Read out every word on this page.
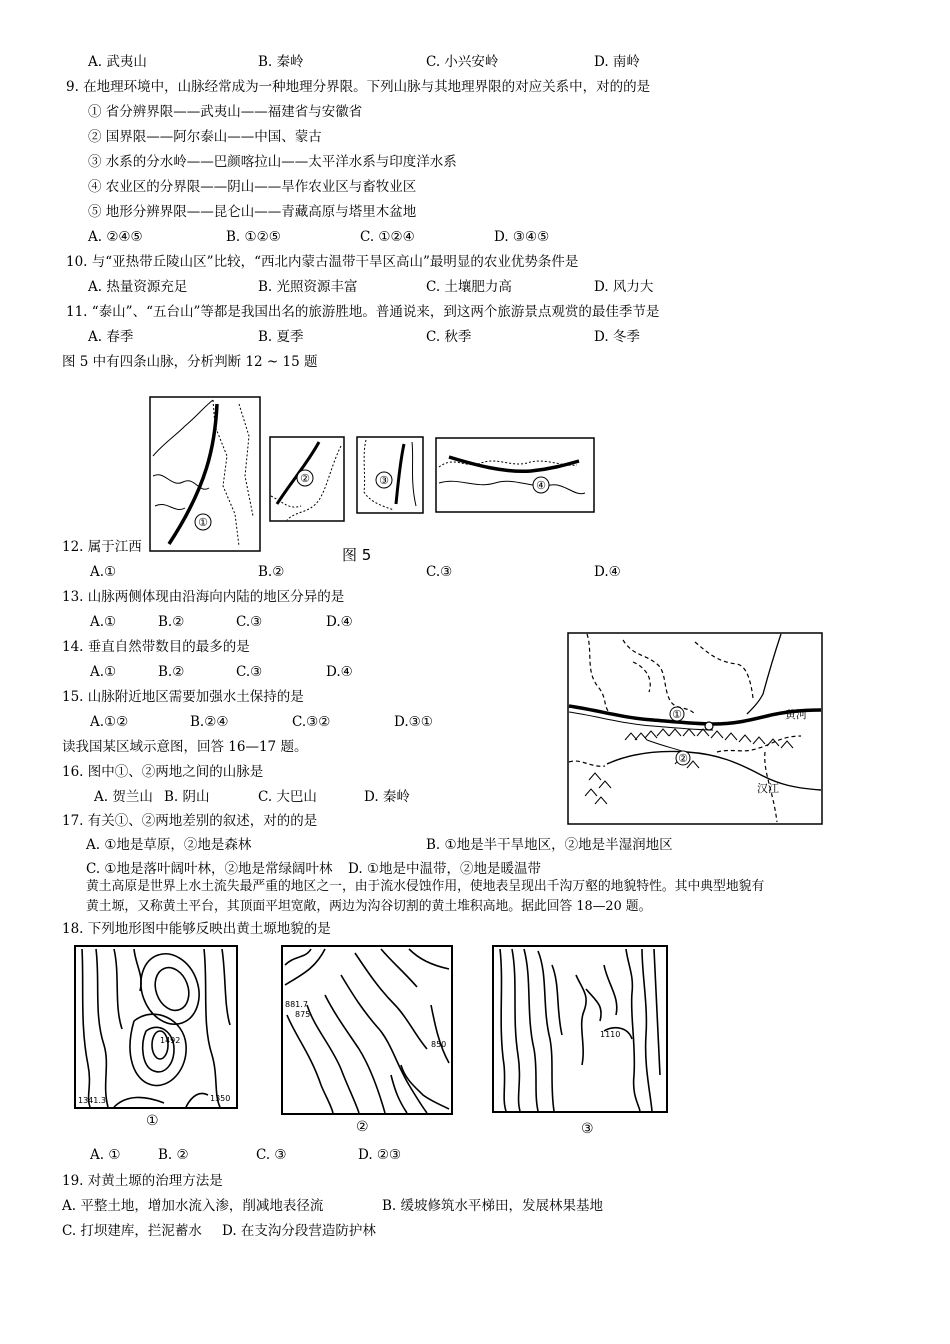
A. 武夷山	B. 秦岭	C. 小兴安岭	D. 南岭
9. 在地理环境中，山脉经常成为一种地理分界限。下列山脉与其地理界限的对应关系中，对的的是
① 省分辨界限——武夷山——福建省与安徽省
② 国界限——阿尔泰山——中国、蒙古
③ 水系的分水岭——巴颜喀拉山——太平洋水系与印度洋水系
④ 农业区的分界限——阴山——旱作农业区与畜牧业区
⑤ 地形分辨界限——昆仑山——青藏高原与塔里木盆地
A. ②④⑤	B. ①②⑤	C. ①②④	D. ③④⑤
10. 与“亚热带丘陵山区”比较，“西北内蒙古温带干旱区高山”最明显的农业优势条件是
A. 热量资源充足	B. 光照资源丰富	C. 土壤肥力高	D. 风力大
11. “泰山”、“五台山”等都是我国出名的旅游胜地。普通说来，到这两个旅游景点观赏的最佳季节是
A. 春季	B. 夏季	C. 秋季	D. 冬季
图 5 中有四条山脉，分析判断 12 ~ 15 题
①
②	③	④
图 5
12. 属于江西
A.①	B.②	C.③	D.④
13. 山脉两侧体现由沿海向内陆的地区分异的是
A.①	B.②	C.③	D.④
14. 垂直自然带数目的最多的是
A.①	B.②	C.③	D.④
15. 山脉附近地区需要加强水土保持的是
A.①②	B.②④	C.③②	D.③①	①
②
黄河
汉江
读我国某区域示意图，回答 16—17 题。
16. 图中①、②两地之间的山脉是
A. 贺兰山 B. 阴山	C. 大巴山	D. 秦岭
17. 有关①、②两地差别的叙述，对的的是
A. ①地是草原，②地是森林	B. ①地是半干旱地区，②地是半湿润地区
C. ①地是落叶阔叶林，②地是常绿阔叶林 D. ①地是中温带，②地是暖温带
黄土高原是世界上水土流失最严重的地区之一，由于流水侵蚀作用，使地表呈现出千沟万壑的地貌特性。其中典型地貌有
黄土塬，又称黄土平台，其顶面平坦宽敞，两边为沟谷切割的黄土堆积高地。据此回答 18—20 题。
18. 下列地形图中能够反映出黄土塬地貌的是
1492
1341.3	1350
①
881.7
875
850
②
1110
③
A. ①	B. ②	C. ③	D. ②③
19. 对黄土塬的治理方法是
A. 平整土地，增加水流入渗，削减地表径流	B. 缓坡修筑水平梯田，发展林果基地
C. 打坝建库，拦泥蓄水 D. 在支沟分段营造防护林
